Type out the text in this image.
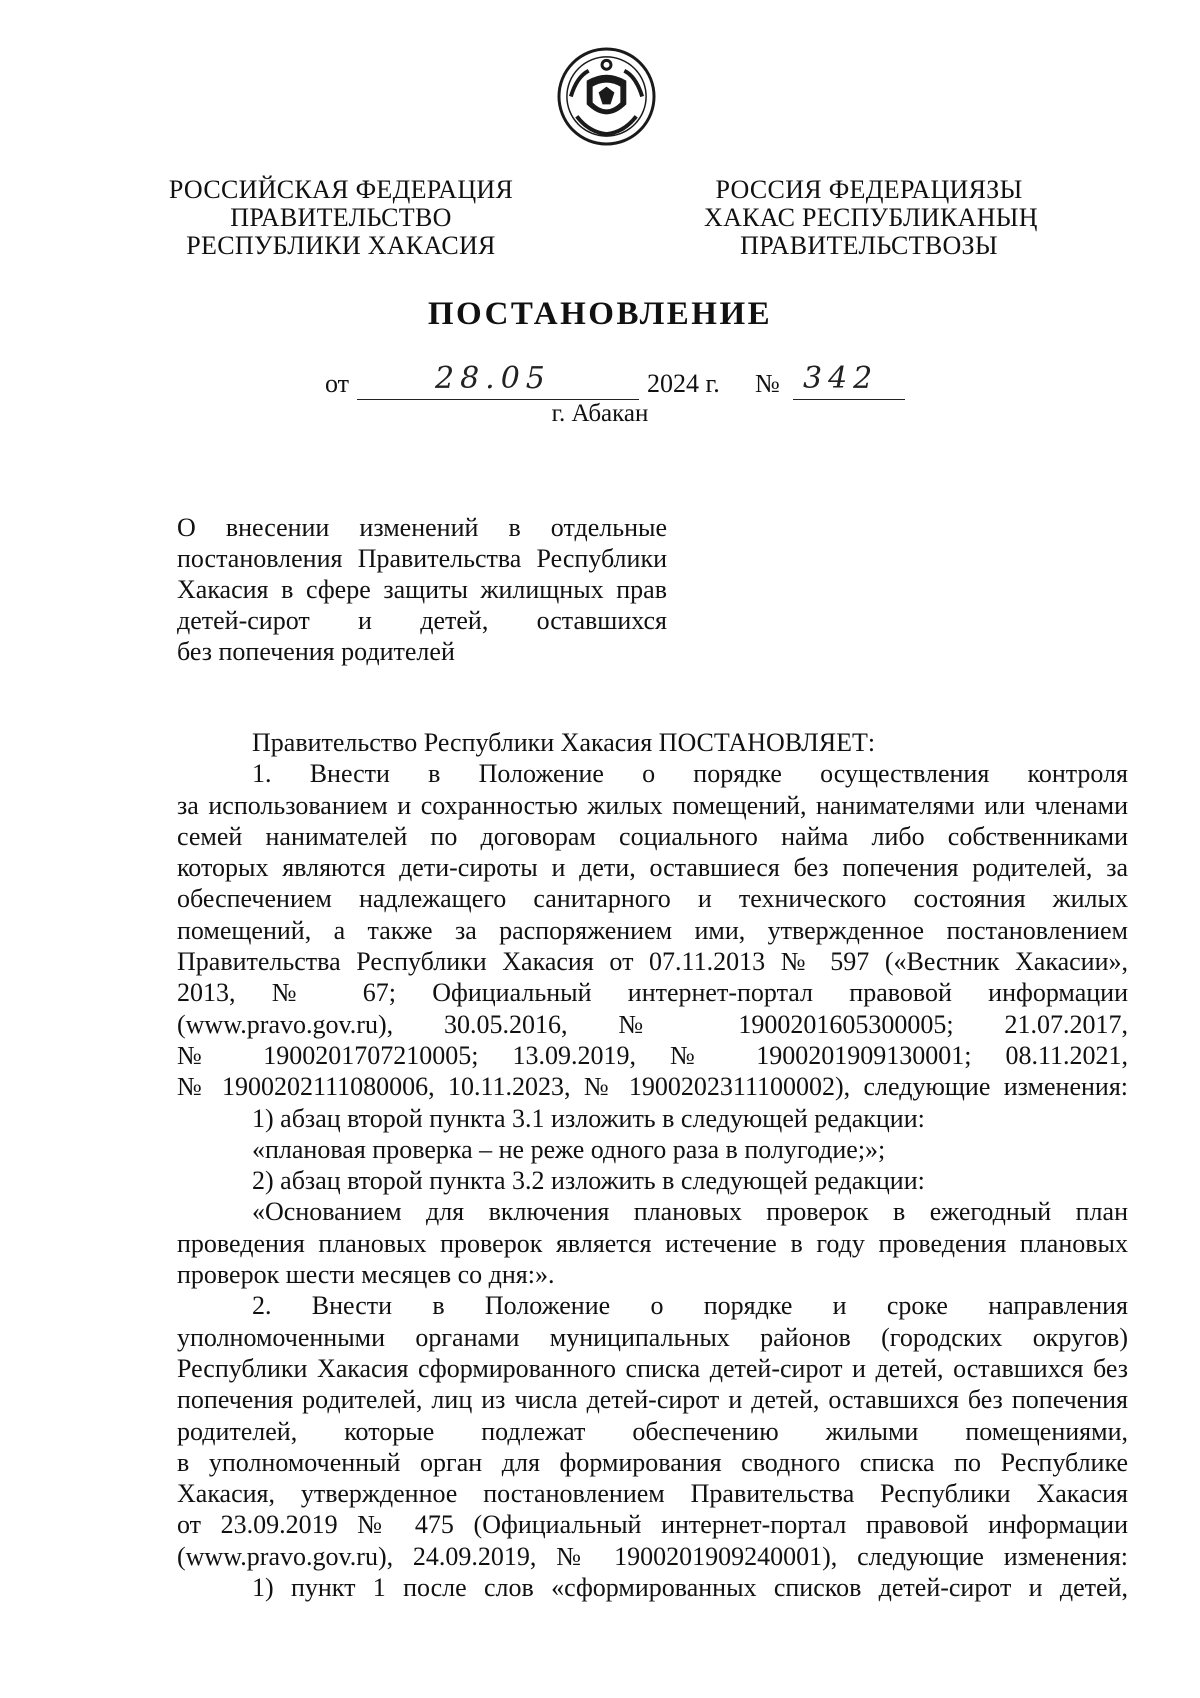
РОССИЙСКАЯ ФЕДЕРАЦИЯ
ПРАВИТЕЛЬСТВО
РЕСПУБЛИКИ ХАКАСИЯ
РОССИЯ ФЕДЕРАЦИЯЗЫ
ХАКАС РЕСПУБЛИКАНЫҢ
ПРАВИТЕЛЬСТВОЗЫ
ПОСТАНОВЛЕНИЕ
от	28.05	2024 г. № 342
г. Абакан
О внесении изменений в отдельные
постановления Правительства Республики
Хакасия в сфере защиты жилищных прав
детей-сирот и детей, оставшихся
без попечения родителей
Правительство Республики Хакасия ПОСТАНОВЛЯЕТ:
1. Внести в Положение о порядке осуществления контроля
за использованием и сохранностью жилых помещений, нанимателями или членами
семей нанимателей по договорам социального найма либо собственниками
которых являются дети-сироты и дети, оставшиеся без попечения родителей, за
обеспечением надлежащего санитарного и технического состояния жилых
помещений, а также за распоряжением ими, утвержденное постановлением
Правительства Республики Хакасия от 07.11.2013 № 597 («Вестник Хакасии»,
2013, № 67; Официальный интернет-портал правовой информации
(www.pravo.gov.ru), 30.05.2016, № 1900201605300005; 21.07.2017,
№ 1900201707210005; 13.09.2019, № 1900201909130001; 08.11.2021,
№ 1900202111080006, 10.11.2023, № 1900202311100002), следующие изменения:
1) абзац второй пункта 3.1 изложить в следующей редакции:
«плановая проверка – не реже одного раза в полугодие;»;
2) абзац второй пункта 3.2 изложить в следующей редакции:
«Основанием для включения плановых проверок в ежегодный план
проведения плановых проверок является истечение в году проведения плановых
проверок шести месяцев со дня:».
2. Внести в Положение о порядке и сроке направления
уполномоченными органами муниципальных районов (городских округов)
Республики Хакасия сформированного списка детей-сирот и детей, оставшихся без
попечения родителей, лиц из числа детей-сирот и детей, оставшихся без попечения
родителей, которые подлежат обеспечению жилыми помещениями,
в уполномоченный орган для формирования сводного списка по Республике
Хакасия, утвержденное постановлением Правительства Республики Хакасия
от 23.09.2019 № 475 (Официальный интернет-портал правовой информации
(www.pravo.gov.ru), 24.09.2019, № 1900201909240001), следующие изменения:
1) пункт 1 после слов «сформированных списков детей-сирот и детей,
